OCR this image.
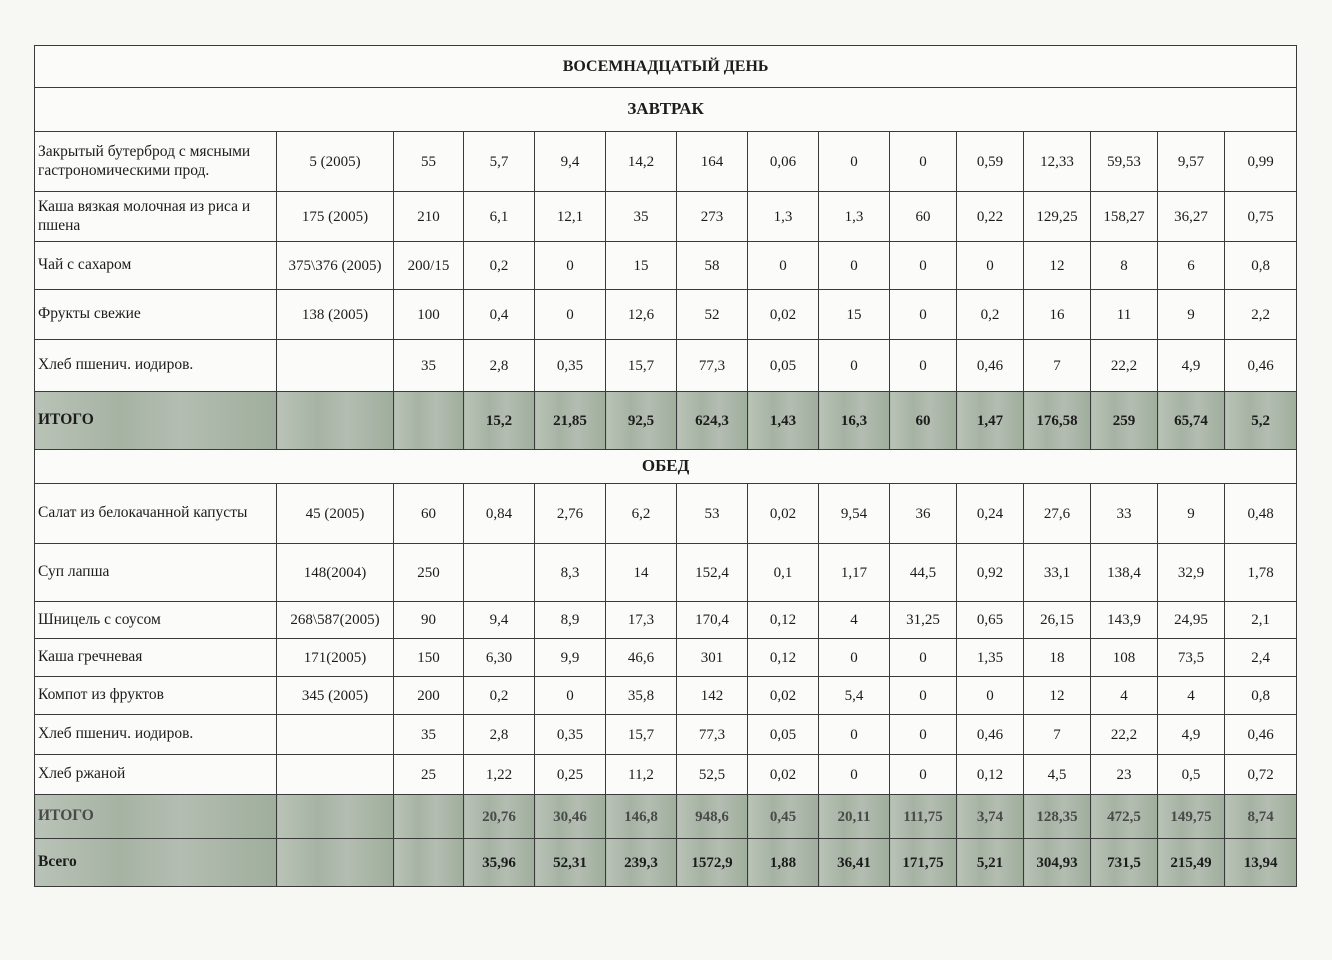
ВОСЕМНАДЦАТЫЙ ДЕНЬ														
ЗАВТРАК														
Закрытый бутерброд с мясными гастрономическими прод.	5 (2005)	55	5,7	9,4	14,2	164	0,06	0	0	0,59	12,33	59,53	9,57	0,99
Каша вязкая молочная из риса и пшена	175 (2005)	210	6,1	12,1	35	273	1,3	1,3	60	0,22	129,25	158,27	36,27	0,75
Чай с сахаром	375\376 (2005)	200/15	0,2	0	15	58	0	0	0	0	12	8	6	0,8
Фрукты свежие	138 (2005)	100	0,4	0	12,6	52	0,02	15	0	0,2	16	11	9	2,2
Хлеб пшенич. иодиров.		35	2,8	0,35	15,7	77,3	0,05	0	0	0,46	7	22,2	4,9	0,46
ИТОГО			15,2	21,85	92,5	624,3	1,43	16,3	60	1,47	176,58	259	65,74	5,2
ОБЕД														
Салат из белокачанной капусты	45 (2005)	60	0,84	2,76	6,2	53	0,02	9,54	36	0,24	27,6	33	9	0,48
Суп лапша	148(2004)	250		8,3	14	152,4	0,1	1,17	44,5	0,92	33,1	138,4	32,9	1,78
Шницель с соусом	268\587(2005)	90	9,4	8,9	17,3	170,4	0,12	4	31,25	0,65	26,15	143,9	24,95	2,1
Каша гречневая	171(2005)	150	6,30	9,9	46,6	301	0,12	0	0	1,35	18	108	73,5	2,4
Компот из фруктов	345 (2005)	200	0,2	0	35,8	142	0,02	5,4	0	0	12	4	4	0,8
Хлеб пшенич. иодиров.		35	2,8	0,35	15,7	77,3	0,05	0	0	0,46	7	22,2	4,9	0,46
Хлеб ржаной		25	1,22	0,25	11,2	52,5	0,02	0	0	0,12	4,5	23	0,5	0,72
ИТОГО			20,76	30,46	146,8	948,6	0,45	20,11	111,75	3,74	128,35	472,5	149,75	8,74
Всего			35,96	52,31	239,3	1572,9	1,88	36,41	171,75	5,21	304,93	731,5	215,49	13,94
